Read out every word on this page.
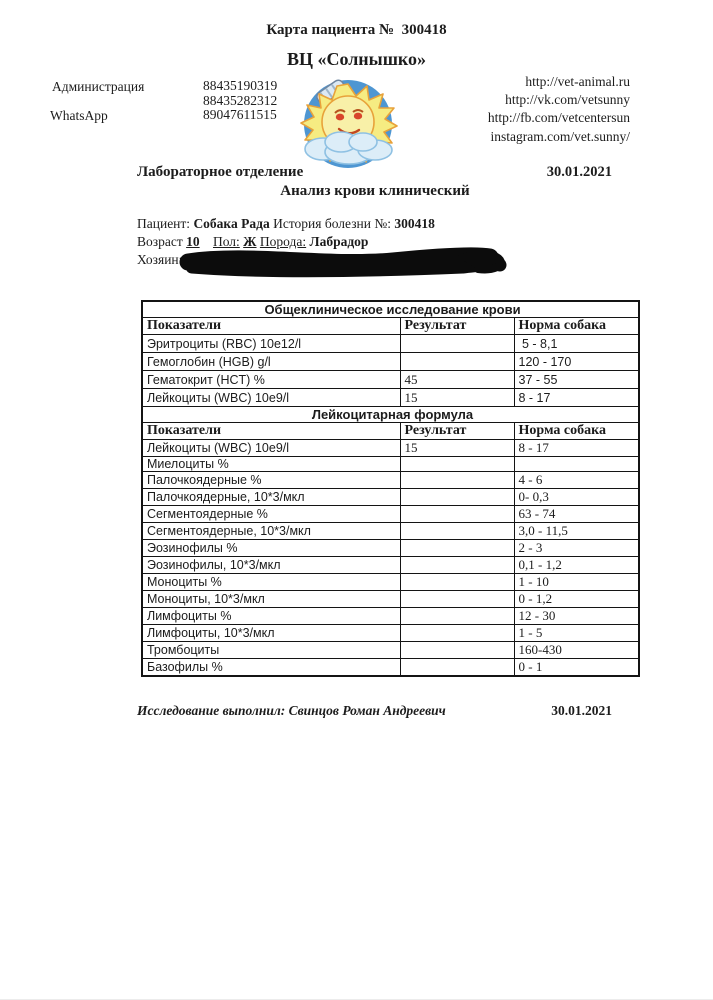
Карта пациента №  300418
ВЦ «Солнышко»
Администрация
WhatsApp
88435190319
88435282312
89047611515
http://vet-animal.ru
http://vk.com/vetsunny
http://fb.com/vetcentersun
instagram.com/vet.sunny/
Лабораторное отделение	30.01.2021
Анализ крови клинический
Пациент: Собака Рада История болезни №: 300418
Возраст 10 Пол: Ж Порода: Лабрадор
Хозяин:
Общеклиническое исследование крови		
Показатели	Результат	Норма собака
Эритроциты (RBC) 10e12/l		5 - 8,1
Гемоглобин (HGB) g/l		120 - 170
Гематокрит (HCT) %	45	37 - 55
Лейкоциты (WBC) 10e9/l	15	8 - 17
Лейкоцитарная формула		
Показатели	Результат	Норма собака
Лейкоциты (WBC) 10e9/l	15	8 - 17
Миелоциты %		
Палочкоядерные %		4 - 6
Палочкоядерные, 10*3/мкл		0- 0,3
Сегментоядерные %		63 - 74
Сегментоядерные, 10*3/мкл		3,0 - 11,5
Эозинофилы %		2 - 3
Эозинофилы, 10*3/мкл		0,1 - 1,2
Моноциты %		1 - 10
Моноциты, 10*3/мкл		0 - 1,2
Лимфоциты %		12 - 30
Лимфоциты, 10*3/мкл		1 - 5
Тромбоциты		160-430
Базофилы %		0 - 1
Исследование выполнил: Свинцов Роман Андреевич	30.01.2021
